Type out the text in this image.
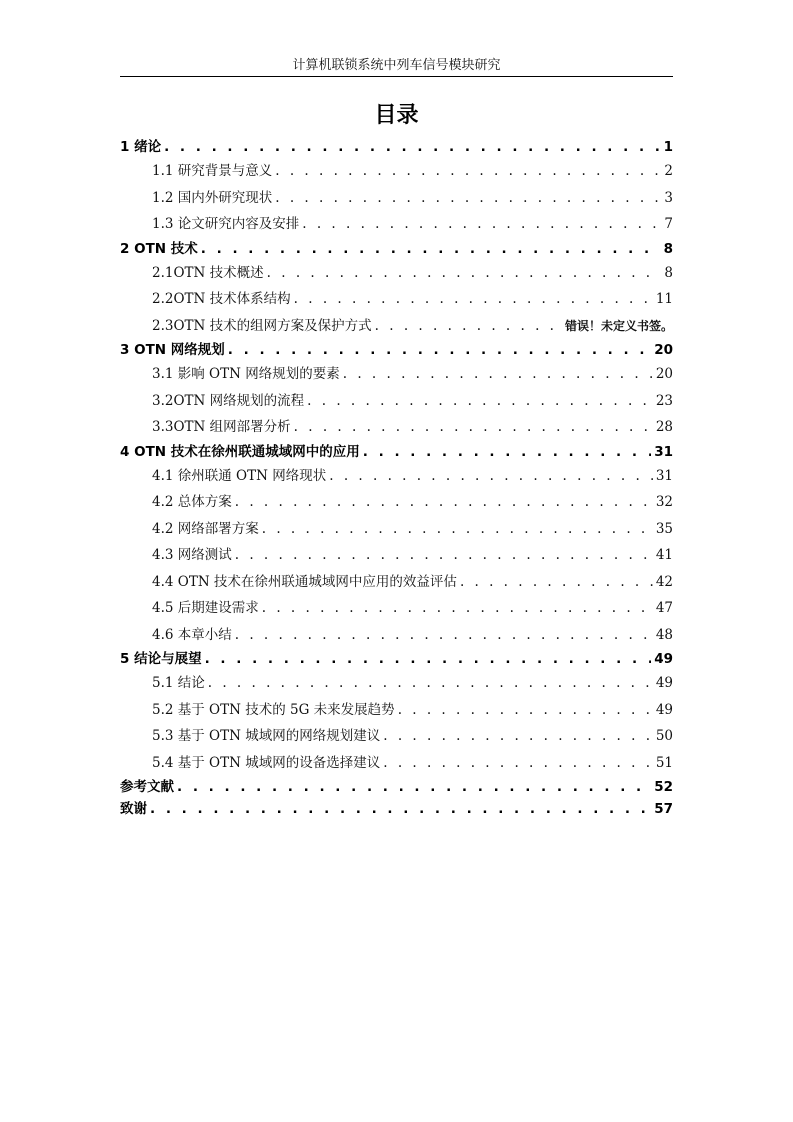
计算机联锁系统中列车信号模块研究
目录
1 绪论 . . .	1
1.1 研究背景与意义 . . .	2
1.2 国内外研究现状 . . .	3
1.3 论文研究内容及安排 . . .	7
2 OTN 技术 . . .	8
2.1OTN 技术概述 . . .	8
2.2OTN 技术体系结构 . . .	11
2.3OTN 技术的组网方案及保护方式 . . .	错误！未定义书签。
3 OTN 网络规划 . . .	20
3.1 影响 OTN 网络规划的要素 . . .	20
3.2OTN 网络规划的流程 . . .	23
3.3OTN 组网部署分析 . . .	28
4 OTN 技术在徐州联通城域网中的应用 . . .	31
4.1 徐州联通 OTN 网络现状 . . .	31
4.2 总体方案 . . .	32
4.2 网络部署方案 . . .	35
4.3 网络测试 . . .	41
4.4 OTN 技术在徐州联通城域网中应用的效益评估 . . .	42
4.5 后期建设需求 . . .	47
4.6 本章小结 . . .	48
5 结论与展望 . . .	49
5.1 结论 . . .	49
5.2 基于 OTN 技术的 5G 未来发展趋势 . . .	49
5.3 基于 OTN 城域网的网络规划建议 . . .	50
5.4 基于 OTN 城域网的设备选择建议 . . .	51
参考文献 . . .	52
致谢 . . .	57
